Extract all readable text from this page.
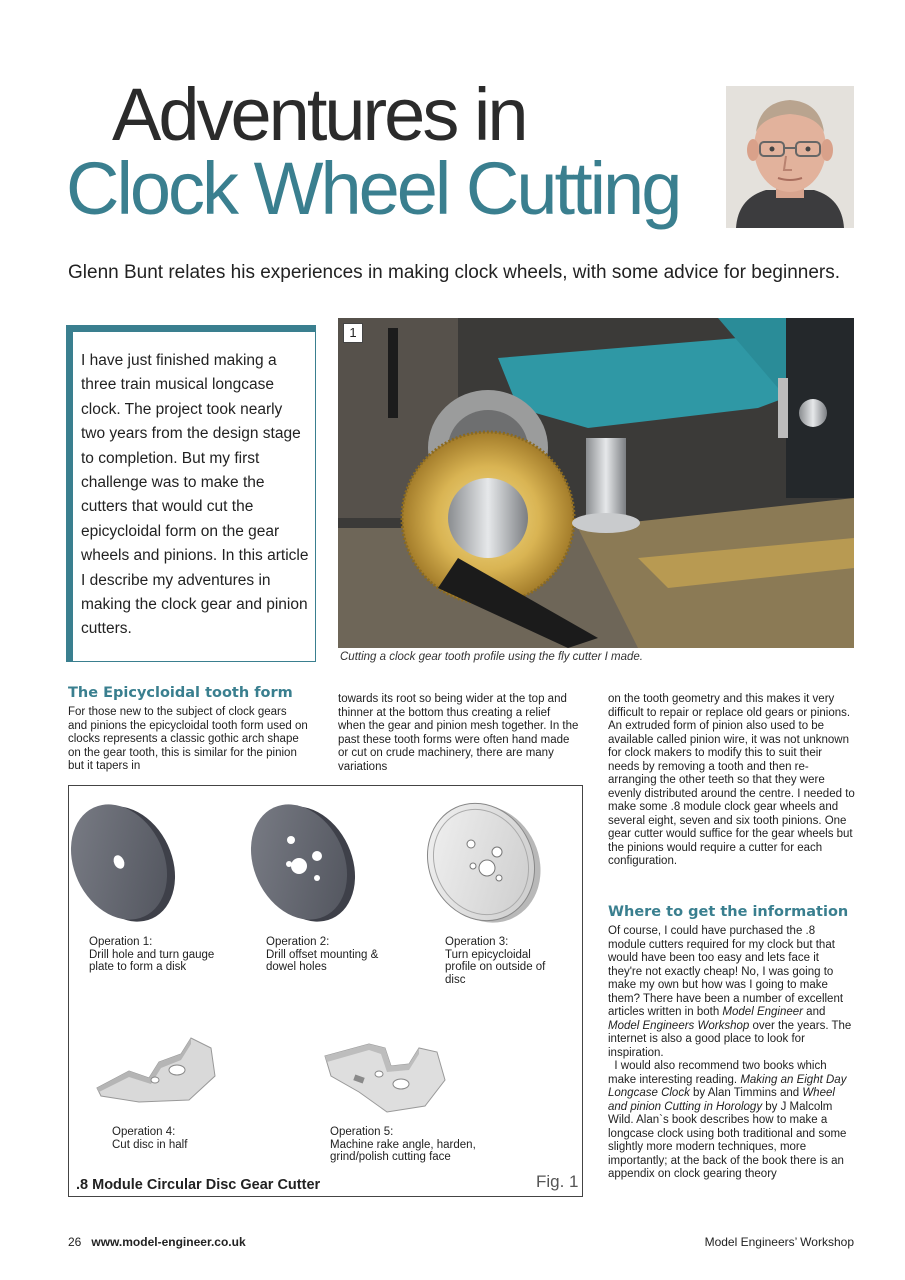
Adventures in
Clock Wheel Cutting
Glenn Bunt relates his experiences in making clock wheels, with some advice for beginners.
I have just finished making a three train musical longcase clock. The project took nearly two years from the design stage to completion. But my first challenge was to make the cutters that would cut the epicycloidal form on the gear wheels and pinions. In this article I describe my adventures in making the clock gear and pinion cutters.
1
Cutting a clock gear tooth profile using the fly cutter I made.
The Epicycloidal tooth form
For those new to the subject of clock gears and pinions the epicycloidal tooth form used on clocks represents a classic gothic arch shape on the gear tooth, this is similar for the pinion but it tapers in
towards its root so being wider at the top and thinner at the bottom thus creating a relief when the gear and pinion mesh together. In the past these tooth forms were often hand made or cut on crude machinery, there are many variations
on the tooth geometry and this makes it very difficult to repair or replace old gears or pinions. An extruded form of pinion also used to be available called pinion wire, it was not unknown for clock makers to modify this to suit their needs by removing a tooth and then re-arranging the other teeth so that they were evenly distributed around the centre. I needed to make some .8 module clock gear wheels and several eight, seven and six tooth pinions. One gear cutter would suffice for the gear wheels but the pinions would require a cutter for each configuration.
Where to get the information
Of course, I could have purchased the .8 module cutters required for my clock but that would have been too easy and lets face it they're not exactly cheap! No, I was going to make my own but how was I going to make them? There have been a number of excellent articles written in both Model Engineer and Model Engineers Workshop over the years. The internet is also a good place to look for inspiration.
I would also recommend two books which make interesting reading. Making an Eight Day Longcase Clock by Alan Timmins and Wheel and pinion Cutting in Horology by J Malcolm Wild. Alan`s book describes how to make a longcase clock using both traditional and some slightly more modern techniques, more importantly; at the back of the book there is an appendix on clock gearing theory
Operation 1:
Drill hole and turn gauge
plate to form a disk
Operation 2:
Drill offset mounting &
dowel holes
Operation 3:
Turn epicycloidal
profile on outside of
disc
Operation 4:
Cut disc in half
Operation 5:
Machine rake angle, harden,
grind/polish cutting face
.8 Module Circular Disc Gear Cutter	Fig. 1
26 www.model-engineer.co.uk	Model Engineers’ Workshop
